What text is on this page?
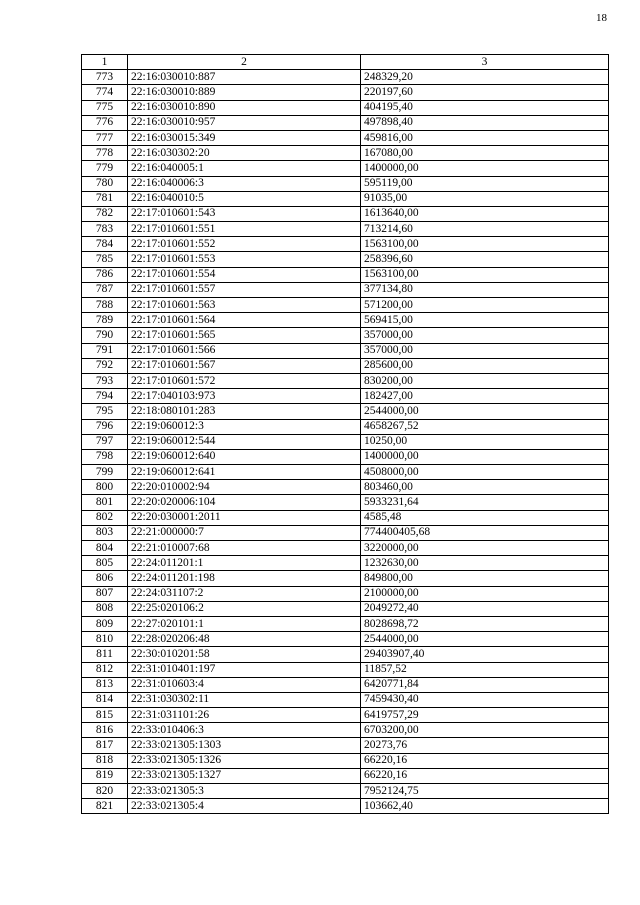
18
1	2	3
773	22:16:030010:887	248329,20
774	22:16:030010:889	220197,60
775	22:16:030010:890	404195,40
776	22:16:030010:957	497898,40
777	22:16:030015:349	459816,00
778	22:16:030302:20	167080,00
779	22:16:040005:1	1400000,00
780	22:16:040006:3	595119,00
781	22:16:040010:5	91035,00
782	22:17:010601:543	1613640,00
783	22:17:010601:551	713214,60
784	22:17:010601:552	1563100,00
785	22:17:010601:553	258396,60
786	22:17:010601:554	1563100,00
787	22:17:010601:557	377134,80
788	22:17:010601:563	571200,00
789	22:17:010601:564	569415,00
790	22:17:010601:565	357000,00
791	22:17:010601:566	357000,00
792	22:17:010601:567	285600,00
793	22:17:010601:572	830200,00
794	22:17:040103:973	182427,00
795	22:18:080101:283	2544000,00
796	22:19:060012:3	4658267,52
797	22:19:060012:544	10250,00
798	22:19:060012:640	1400000,00
799	22:19:060012:641	4508000,00
800	22:20:010002:94	803460,00
801	22:20:020006:104	5933231,64
802	22:20:030001:2011	4585,48
803	22:21:000000:7	774400405,68
804	22:21:010007:68	3220000,00
805	22:24:011201:1	1232630,00
806	22:24:011201:198	849800,00
807	22:24:031107:2	2100000,00
808	22:25:020106:2	2049272,40
809	22:27:020101:1	8028698,72
810	22:28:020206:48	2544000,00
811	22:30:010201:58	29403907,40
812	22:31:010401:197	11857,52
813	22:31:010603:4	6420771,84
814	22:31:030302:11	7459430,40
815	22:31:031101:26	6419757,29
816	22:33:010406:3	6703200,00
817	22:33:021305:1303	20273,76
818	22:33:021305:1326	66220,16
819	22:33:021305:1327	66220,16
820	22:33:021305:3	7952124,75
821	22:33:021305:4	103662,40
